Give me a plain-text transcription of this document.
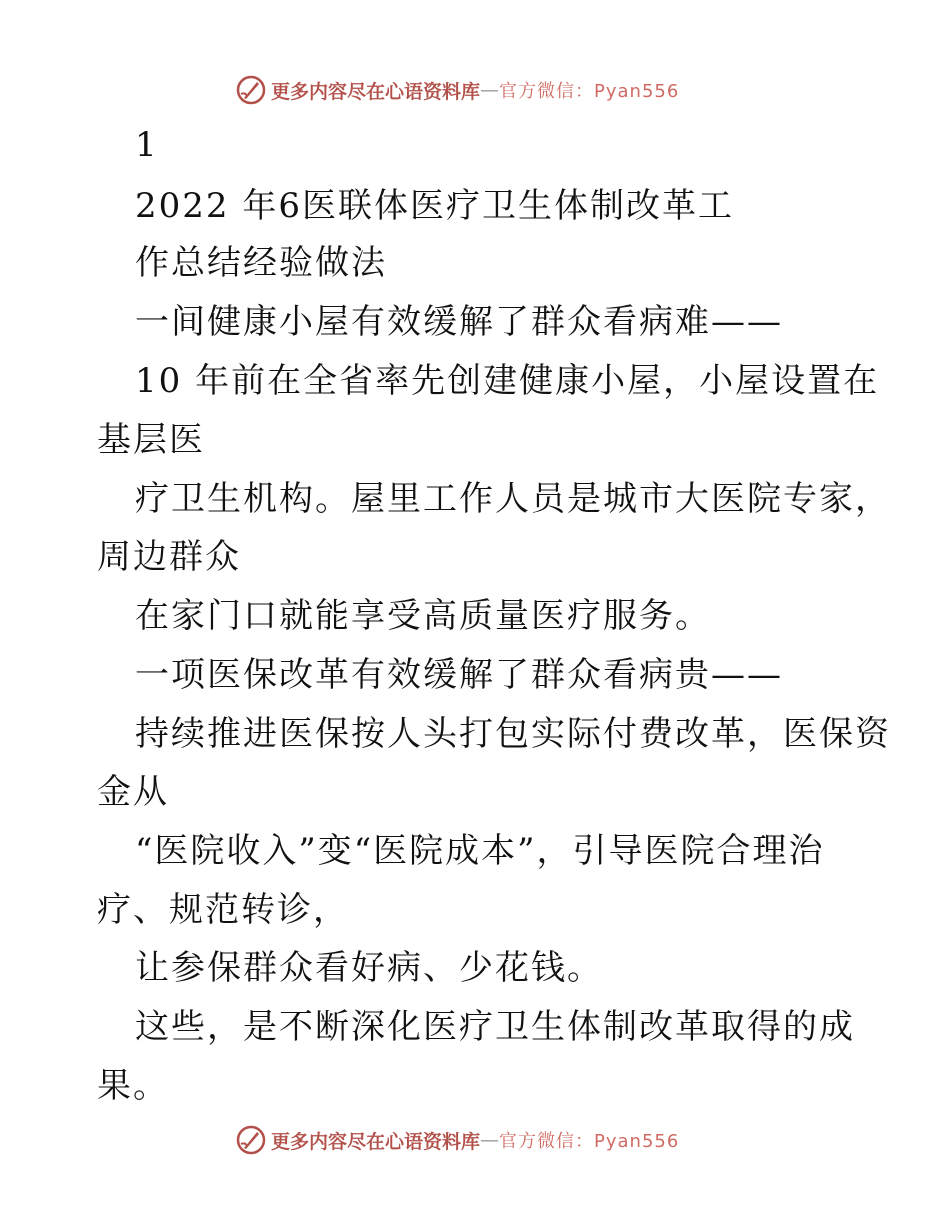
更多内容尽在心语资料库 — 官方微信：Pyan556
1
2022 年6医联体医疗卫生体制改革工
作总结经验做法
一间健康小屋有效缓解了群众看病难——
10 年前在全省率先创建健康小屋，小屋设置在
基层医
疗卫生机构。屋里工作人员是城市大医院专家，
周边群众
在家门口就能享受高质量医疗服务。
一项医保改革有效缓解了群众看病贵——
持续推进医保按人头打包实际付费改革，医保资
金从
“医院收入”变“医院成本”，引导医院合理治
疗、规范转诊，
让参保群众看好病、少花钱。
这些，是不断深化医疗卫生体制改革取得的成
果。
更多内容尽在心语资料库 — 官方微信：Pyan556
